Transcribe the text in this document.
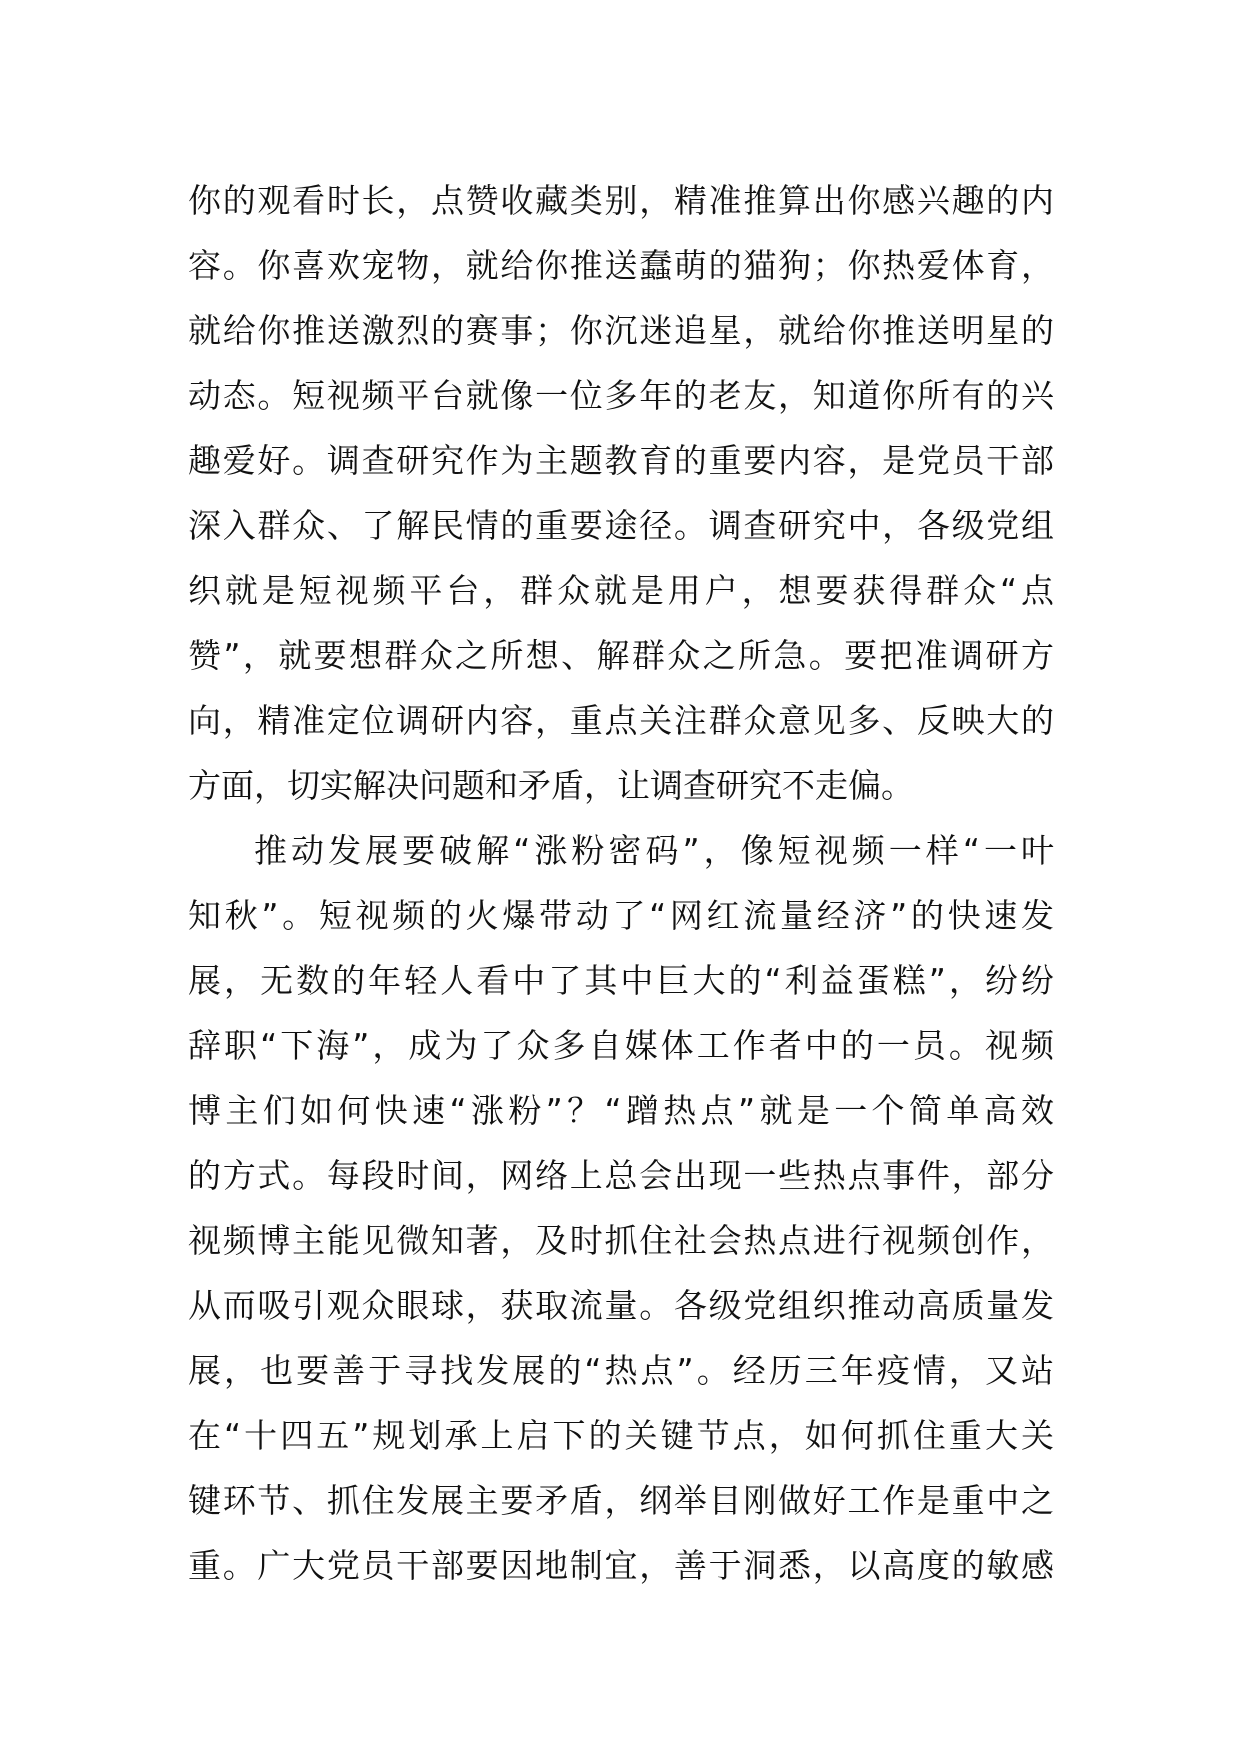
你的观看时长，点赞收藏类别，精准推算出你感兴趣的内
容。你喜欢宠物，就给你推送蠢萌的猫狗；你热爱体育，
就给你推送激烈的赛事；你沉迷追星，就给你推送明星的
动态。短视频平台就像一位多年的老友，知道你所有的兴
趣爱好。调查研究作为主题教育的重要内容，是党员干部
深入群众、了解民情的重要途径。调查研究中，各级党组
织就是短视频平台，群众就是用户，想要获得群众“点
赞”，就要想群众之所想、解群众之所急。要把准调研方
向，精准定位调研内容，重点关注群众意见多、反映大的
方面，切实解决问题和矛盾，让调查研究不走偏。
推动发展要破解“涨粉密码”，像短视频一样“一叶
知秋”。短视频的火爆带动了“网红流量经济”的快速发
展，无数的年轻人看中了其中巨大的“利益蛋糕”，纷纷
辞职“下海”，成为了众多自媒体工作者中的一员。视频
博主们如何快速“涨粉”？“蹭热点”就是一个简单高效
的方式。每段时间，网络上总会出现一些热点事件，部分
视频博主能见微知著，及时抓住社会热点进行视频创作，
从而吸引观众眼球，获取流量。各级党组织推动高质量发
展，也要善于寻找发展的“热点”。经历三年疫情，又站
在“十四五”规划承上启下的关键节点，如何抓住重大关
键环节、抓住发展主要矛盾，纲举目刚做好工作是重中之
重。广大党员干部要因地制宜，善于洞悉，以高度的敏感
